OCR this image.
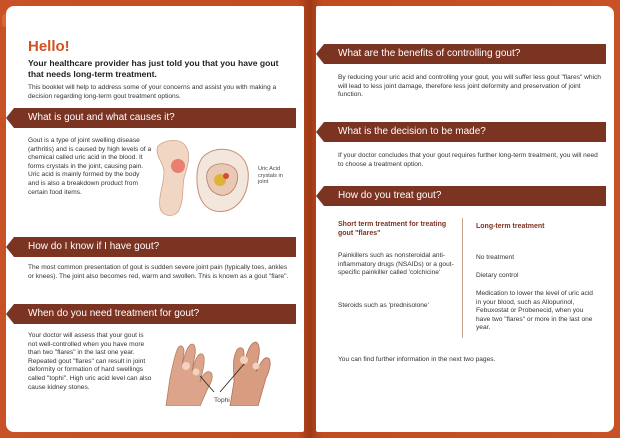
Hello!
Your healthcare provider has just told you that you have gout that needs long-term treatment.
This booklet will help to address some of your concerns and assist you with making a decision regarding long-term gout treatment options.
What is gout and what causes it?
Gout is a type of joint swelling disease (arthritis) and is caused by high levels of a chemical called uric acid in the blood. It forms crystals in the joint, causing pain. Uric acid is mainly formed by the body and is also a breakdown product from certain food items.
Uric Acid crystals in joint
How do I know if I have gout?
The most common presentation of gout is sudden severe joint pain (typically toes, ankles or knees). The joint also becomes red, warm and swollen. This is known as a gout "flare".
When do you need treatment for gout?
Your doctor will assess that your gout is not well-controlled when you have more than two "flares" in the last one year. Repeated gout "flares" can result in joint deformity or formation of hard swellings called "tophi". High uric acid level can also cause kidney stones.
Tophi
What are the benefits of controlling gout?
By reducing your uric acid and controlling your gout, you will suffer less gout "flares" which will lead to less joint damage, therefore less joint deformity and preservation of joint function.
What is the decision to be made?
If your doctor concludes that your gout requires further long-term treatment, you will need to choose a treatment option.
How do you treat gout?
Short term treatment for treating gout "flares"
Painkillers such as nonsteroidal anti-inflammatory drugs (NSAIDs) or a gout-specific painkiller called 'colchicine'
Steroids such as 'prednisolone'
Long-term treatment
No treatment
Dietary control
Medication to lower the level of uric acid in your blood, such as Allopurinol, Febuxostat or Probenecid, when you have two "flares" or more in the last one year.
You can find further information in the next two pages.
